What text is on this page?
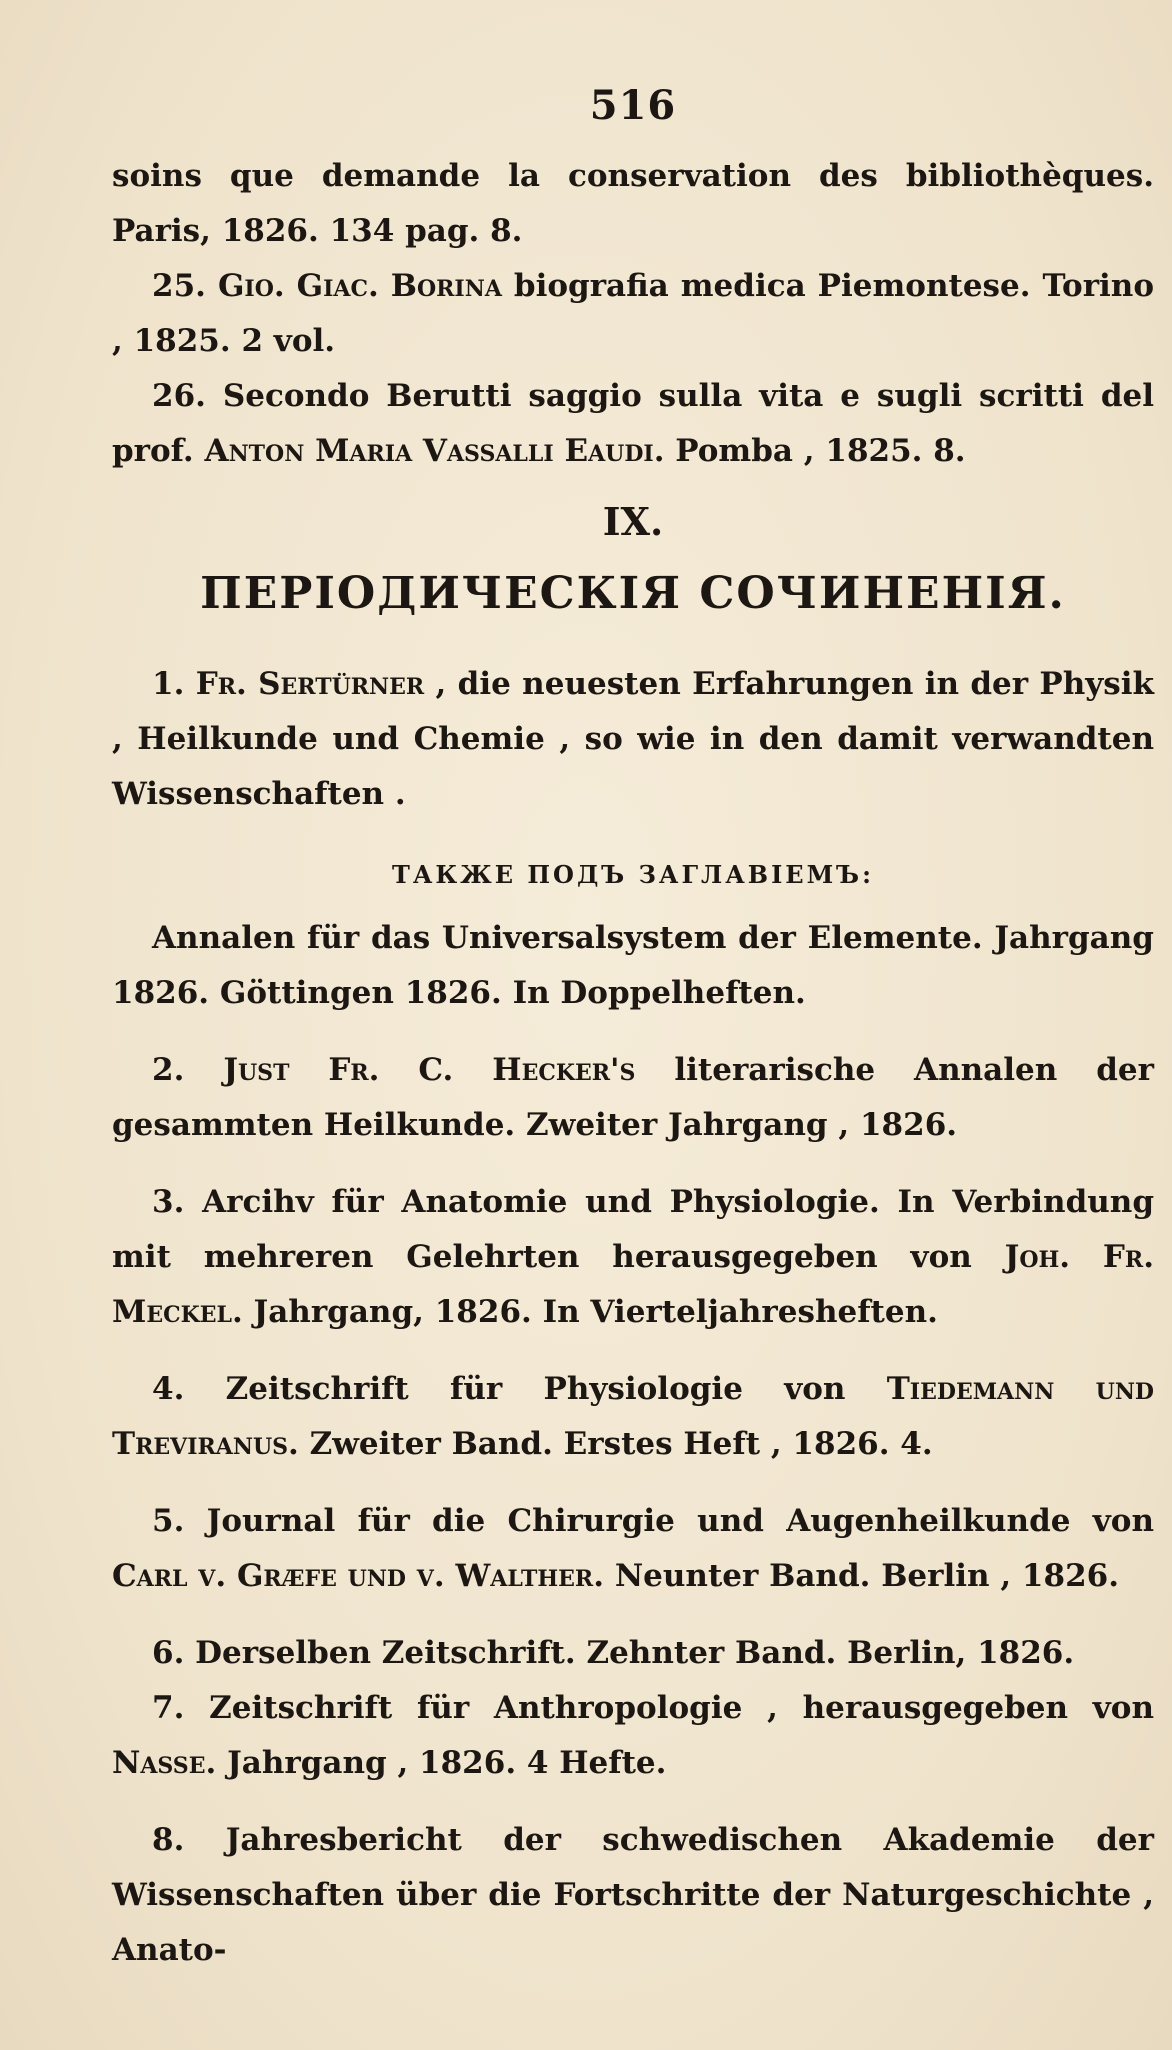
516

soins que demande la conservation des bibliothèques. Paris, 1826. 134 pag. 8.

25. Gio. Giac. Borina biografia medica Piemontese. Torino , 1825. 2 vol.

26. Secondo Berutti saggio sulla vita e sugli scritti del prof. Anton Maria Vassalli Eaudi. Pomba , 1825. 8.

IX.
ПЕРІОДИЧЕСКІЯ СОЧИНЕНІЯ.

1. Fr. Sertürner , die neuesten Erfahrungen in der Physik , Heilkunde und Chemie , so wie in den damit verwandten Wissenschaften .

ТАКЖЕ ПОДЪ ЗАГЛАВІЕМЪ:

Annalen für das Universalsystem der Elemente. Jahrgang 1826. Göttingen 1826. In Doppelheften.

2. Just Fr. C. Hecker's literarische Annalen der gesammten Heilkunde. Zweiter Jahrgang , 1826.

3. Arcihv für Anatomie und Physiologie. In Verbindung mit mehreren Gelehrten herausgegeben von Joh. Fr. Meckel. Jahrgang, 1826. In Vierteljahresheften.

4. Zeitschrift für Physiologie von Tiedemann und Treviranus. Zweiter Band. Erstes Heft , 1826. 4.

5. Journal für die Chirurgie und Augenheilkunde von Carl v. Græfe und v. Walther. Neunter Band. Berlin , 1826.

6. Derselben Zeitschrift. Zehnter Band. Berlin, 1826.

7. Zeitschrift für Anthropologie , herausgegeben von Nasse. Jahrgang , 1826. 4 Hefte.

8. Jahresbericht der schwedischen Akademie der Wissenschaften über die Fortschritte der Naturgeschichte , Anato-
